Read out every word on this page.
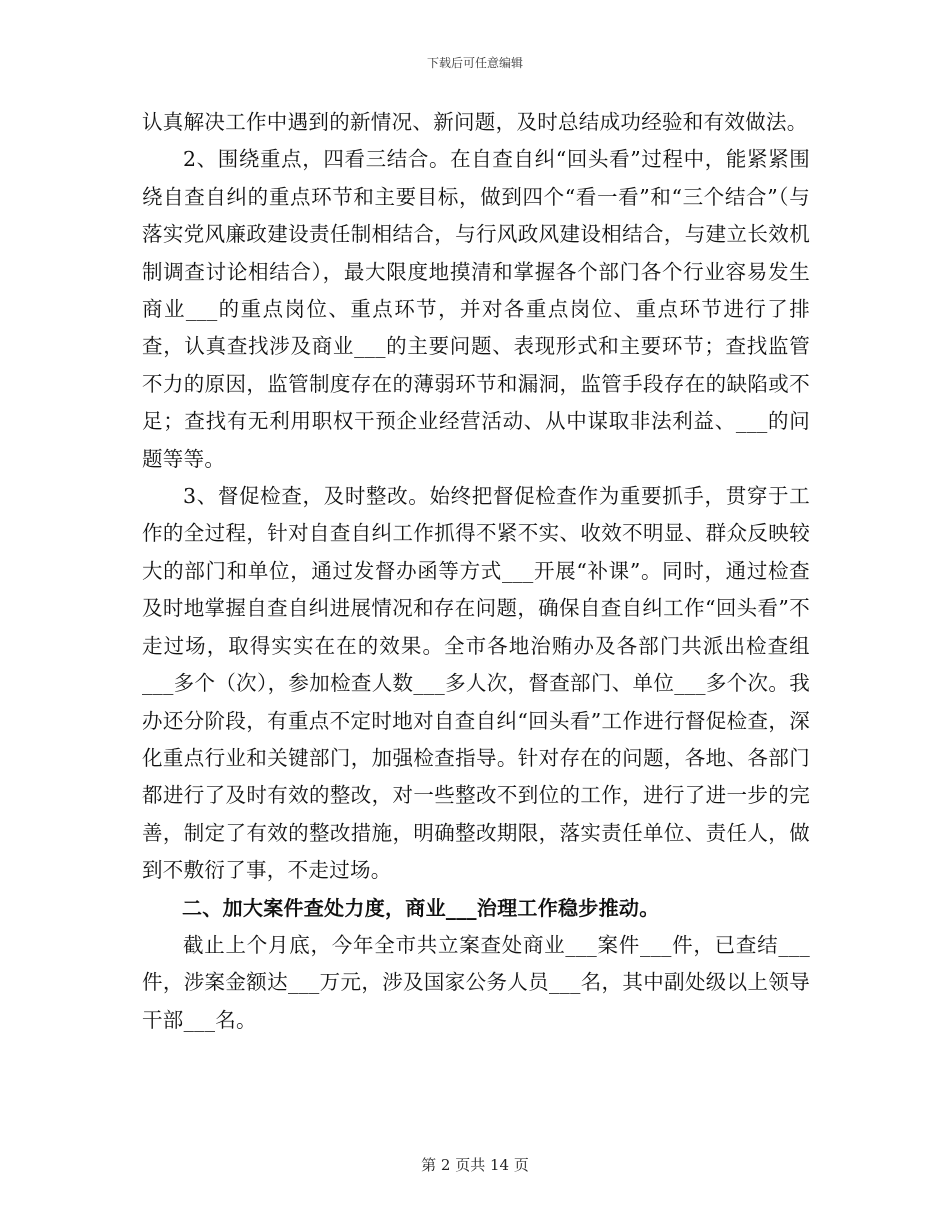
下载后可任意编辑

认真解决工作中遇到的新情况、新问题，及时总结成功经验和有效做法。

2、围绕重点，四看三结合。在自查自纠“回头看”过程中，能紧紧围绕自查自纠的重点环节和主要目标，做到四个“看一看”和“三个结合”（与落实党风廉政建设责任制相结合，与行风政风建设相结合，与建立长效机制调查讨论相结合），最大限度地摸清和掌握各个部门各个行业容易发生商业___的重点岗位、重点环节，并对各重点岗位、重点环节进行了排查，认真查找涉及商业___的主要问题、表现形式和主要环节；查找监管不力的原因，监管制度存在的薄弱环节和漏洞，监管手段存在的缺陷或不足；查找有无利用职权干预企业经营活动、从中谋取非法利益、___的问题等等。

3、督促检查，及时整改。始终把督促检查作为重要抓手，贯穿于工作的全过程，针对自查自纠工作抓得不紧不实、收效不明显、群众反映较大的部门和单位，通过发督办函等方式___开展“补课”。同时，通过检查及时地掌握自查自纠进展情况和存在问题，确保自查自纠工作“回头看”不走过场，取得实实在在的效果。全市各地治贿办及各部门共派出检查组___多个（次），参加检查人数___多人次，督查部门、单位___多个次。我办还分阶段，有重点不定时地对自查自纠“回头看”工作进行督促检查，深化重点行业和关键部门，加强检查指导。针对存在的问题，各地、各部门都进行了及时有效的整改，对一些整改不到位的工作，进行了进一步的完善，制定了有效的整改措施，明确整改期限，落实责任单位、责任人，做到不敷衍了事，不走过场。

二、加大案件查处力度，商业___治理工作稳步推动。

截止上个月底，今年全市共立案查处商业___案件___件，已查结___件，涉案金额达___万元，涉及国家公务人员___名，其中副处级以上领导干部___名。

第 2 页共 14 页
